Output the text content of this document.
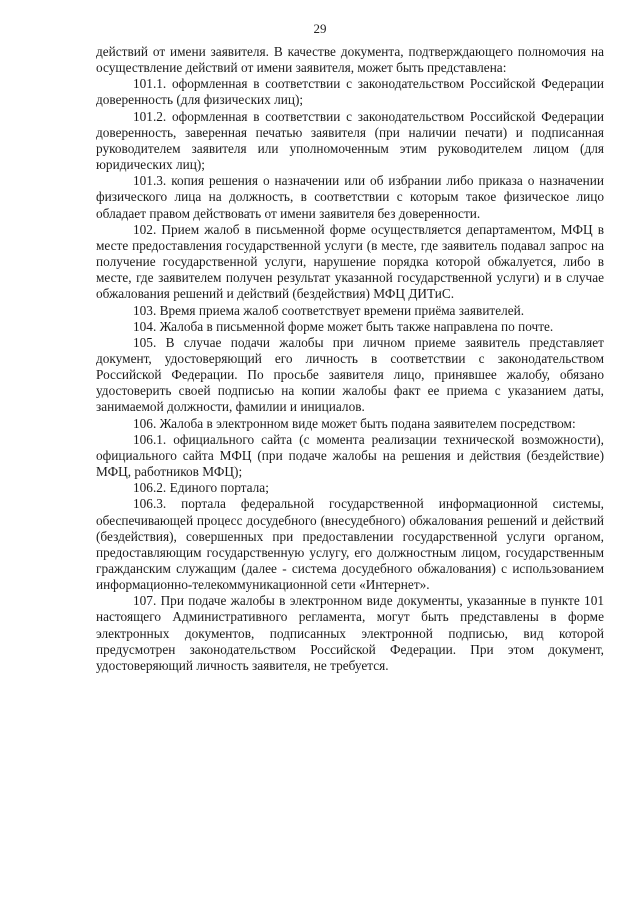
29

действий от имени заявителя. В качестве документа, подтверждающего полномочия на осуществление действий от имени заявителя, может быть представлена:

101.1. оформленная в соответствии с законодательством Российской Федерации доверенность (для физических лиц);

101.2. оформленная в соответствии с законодательством Российской Федерации доверенность, заверенная печатью заявителя (при наличии печати) и подписанная руководителем заявителя или уполномоченным этим руководителем лицом (для юридических лиц);

101.3. копия решения о назначении или об избрании либо приказа о назначении физического лица на должность, в соответствии с которым такое физическое лицо обладает правом действовать от имени заявителя без доверенности.

102. Прием жалоб в письменной форме осуществляется департаментом, МФЦ в месте предоставления государственной услуги (в месте, где заявитель подавал запрос на получение государственной услуги, нарушение порядка которой обжалуется, либо в месте, где заявителем получен результат указанной государственной услуги) и в случае обжалования решений и действий (бездействия) МФЦ ДИТиС.

103. Время приема жалоб соответствует времени приёма заявителей.

104. Жалоба в письменной форме может быть также направлена по почте.

105. В случае подачи жалобы при личном приеме заявитель представляет документ, удостоверяющий его личность в соответствии с законодательством Российской Федерации. По просьбе заявителя лицо, принявшее жалобу, обязано удостоверить своей подписью на копии жалобы факт ее приема с указанием даты, занимаемой должности, фамилии и инициалов.

106. Жалоба в электронном виде может быть подана заявителем посредством:

106.1. официального сайта (с момента реализации технической возможности), официального сайта МФЦ (при подаче жалобы на решения и действия (бездействие) МФЦ, работников МФЦ);

106.2. Единого портала;

106.3. портала федеральной государственной информационной системы, обеспечивающей процесс досудебного (внесудебного) обжалования решений и действий (бездействия), совершенных при предоставлении государственной услуги органом, предоставляющим государственную услугу, его должностным лицом, государственным гражданским служащим (далее - система досудебного обжалования) с использованием информационно-телекоммуникационной сети «Интернет».

107. При подаче жалобы в электронном виде документы, указанные в пункте 101 настоящего Административного регламента, могут быть представлены в форме электронных документов, подписанных электронной подписью, вид которой предусмотрен законодательством Российской Федерации. При этом документ, удостоверяющий личность заявителя, не требуется.
